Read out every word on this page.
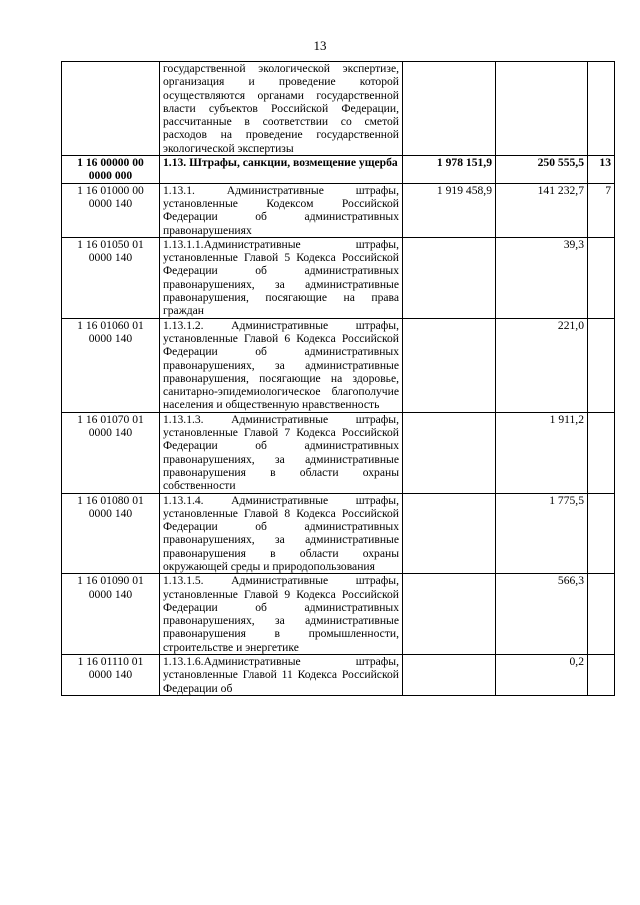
13
	государственной экологической экспертизе, организация и проведение которой осуществляются органами государственной власти субъектов Российской Федерации, рассчитанные в соответствии со сметой расходов на проведение государственной экологической экспертизы			

1 16 00000 00
0000 000	1.13. Штрафы, санкции, возмещение ущерба	1 978 151,9	250 555,5	13

1 16 01000 00
0000 140	1.13.1. Административные штрафы, установленные Кодексом Российской Федерации об административных правонарушениях	1 919 458,9	141 232,7	7

1 16 01050 01
0000 140	1.13.1.1.Административные штрафы, установленные Главой 5 Кодекса Российской Федерации об административных правонарушениях, за административные правонарушения, посягающие на права граждан		39,3	

1 16 01060 01
0000 140	1.13.1.2. Административные штрафы, установленные Главой 6 Кодекса Российской Федерации об административных правонарушениях, за административные правонарушения, посягающие на здоровье, санитарно-эпидемиологическое благополучие населения и общественную нравственность		221,0	

1 16 01070 01
0000 140	1.13.1.3. Административные штрафы, установленные Главой 7 Кодекса Российской Федерации об административных правонарушениях, за административные правонарушения в области охраны собственности		1 911,2	

1 16 01080 01
0000 140	1.13.1.4. Административные штрафы, установленные Главой 8 Кодекса Российской Федерации об административных правонарушениях, за административные правонарушения в области охраны окружающей среды и природопользования		1 775,5	

1 16 01090 01
0000 140	1.13.1.5. Административные штрафы, установленные Главой 9 Кодекса Российской Федерации об административных правонарушениях, за административные правонарушения в промышленности, строительстве и энергетике		566,3	

1 16 01110 01
0000 140	1.13.1.6.Административные штрафы, установленные Главой 11 Кодекса Российской Федерации об		0,2	
